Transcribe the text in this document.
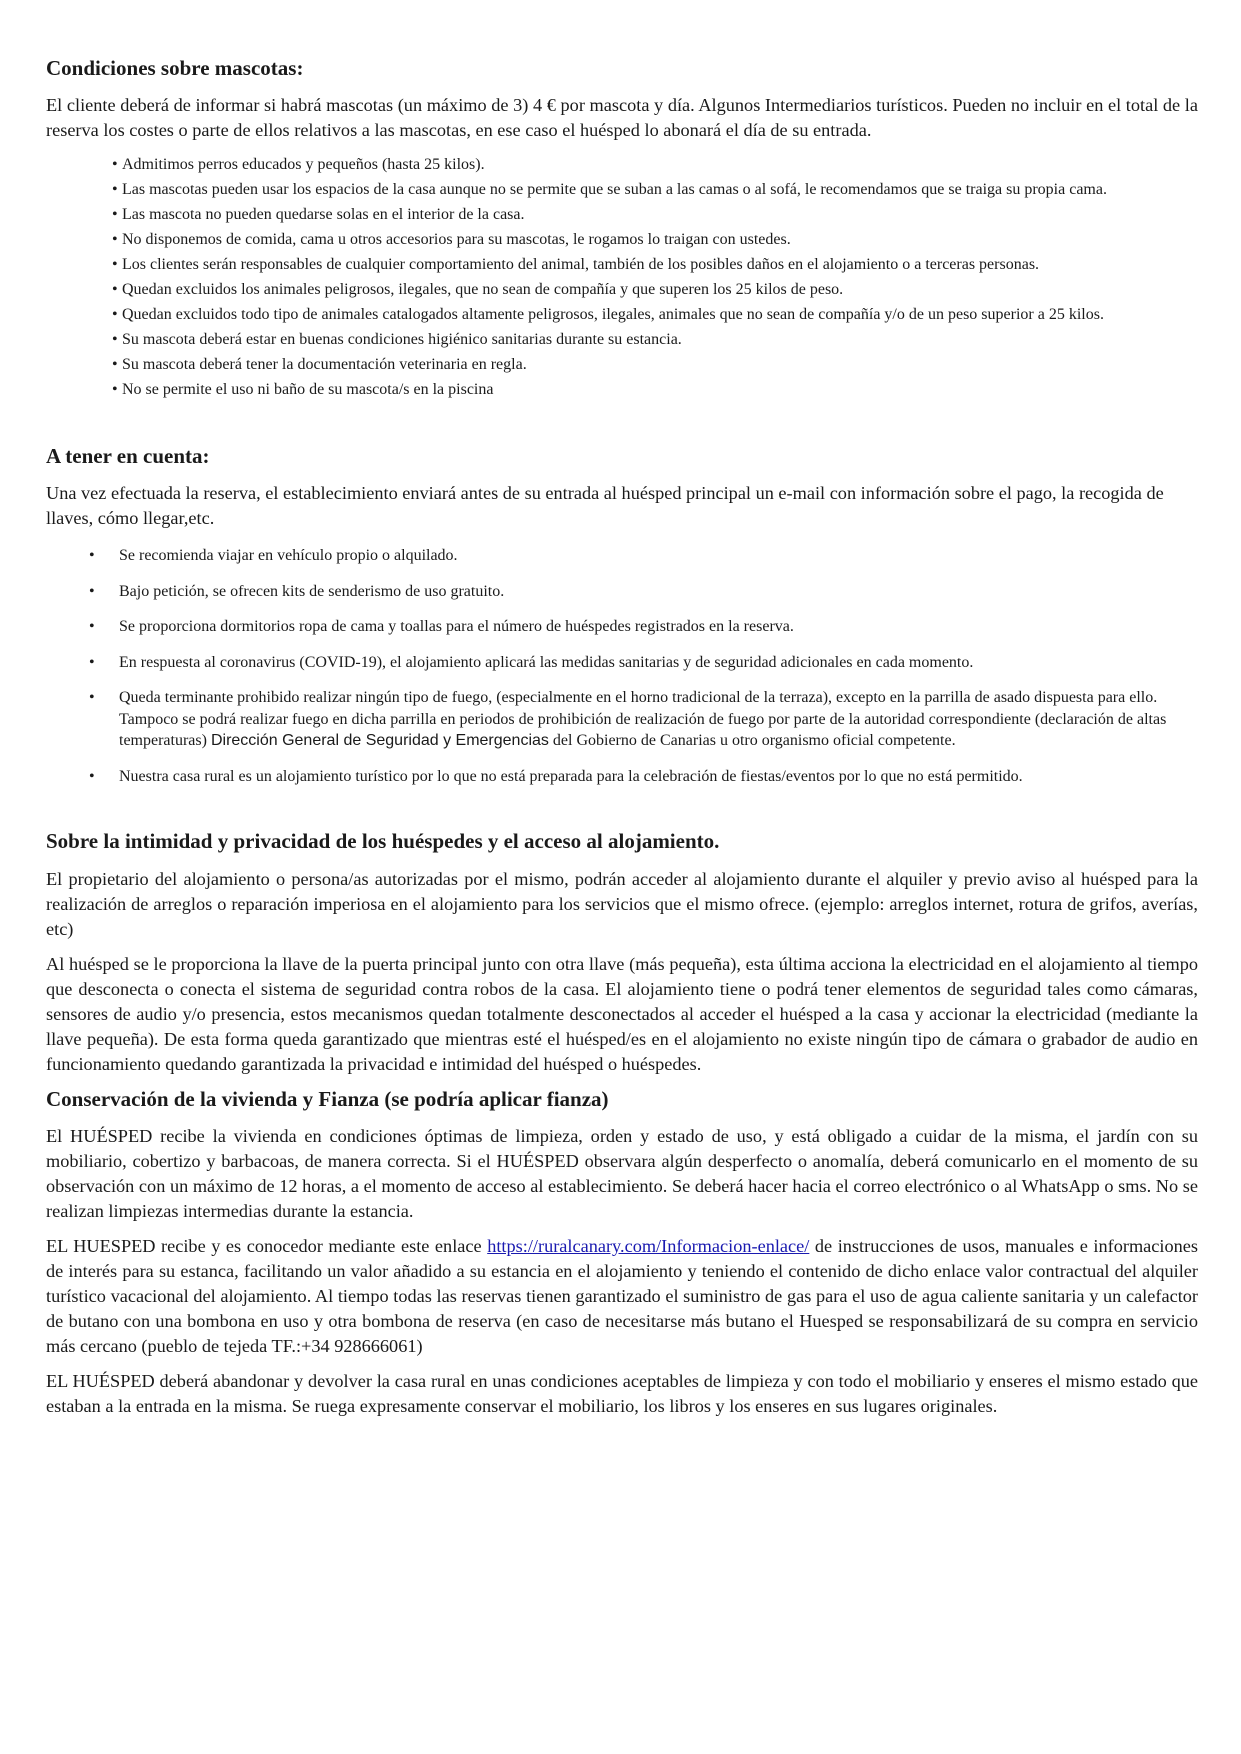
Condiciones sobre mascotas:

El cliente deberá de informar si habrá mascotas (un máximo de 3) 4 € por mascota y día. Algunos Intermediarios turísticos. Pueden no incluir en el total de la reserva los costes o parte de ellos relativos a las mascotas, en ese caso el huésped lo abonará el día de su entrada.

• Admitimos perros educados y pequeños (hasta 25 kilos).
• Las mascotas pueden usar los espacios de la casa aunque no se permite que se suban a las camas o al sofá, le recomendamos que se traiga su propia cama.
• Las mascota no pueden quedarse solas en el interior de la casa.
• No disponemos de comida, cama u otros accesorios para su mascotas, le rogamos lo traigan con ustedes.
• Los clientes serán responsables de cualquier comportamiento del animal, también de los posibles daños en el alojamiento o a terceras personas.
• Quedan excluidos los animales peligrosos, ilegales, que no sean de compañía y que superen los 25 kilos de peso.
• Quedan excluidos todo tipo de animales catalogados altamente peligrosos, ilegales, animales que no sean de compañía y/o de un peso superior a 25 kilos.
• Su mascota deberá estar en buenas condiciones higiénico sanitarias durante su estancia.
• Su mascota deberá tener la documentación veterinaria en regla.
• No se permite el uso ni baño de su mascota/s en la piscina
A tener en cuenta:

Una vez efectuada la reserva, el establecimiento enviará antes de su entrada al huésped principal un e-mail con información sobre el pago, la recogida de llaves, cómo llegar,etc.

• Se recomienda viajar en vehículo propio o alquilado.
• Bajo petición, se ofrecen kits de senderismo de uso gratuito.
• Se proporciona dormitorios ropa de cama y toallas para el número de huéspedes registrados en la reserva.
• En respuesta al coronavirus (COVID-19), el alojamiento aplicará las medidas sanitarias y de seguridad adicionales en cada momento.
• Queda terminante prohibido realizar ningún tipo de fuego, (especialmente en el horno tradicional de la terraza), excepto en la parrilla de asado dispuesta para ello. Tampoco se podrá realizar fuego en dicha parrilla en periodos de prohibición de realización de fuego por parte de la autoridad correspondiente (declaración de altas temperaturas) Dirección General de Seguridad y Emergencias del Gobierno de Canarias u otro organismo oficial competente.
• Nuestra casa rural es un alojamiento turístico por lo que no está preparada para la celebración de fiestas/eventos por lo que no está permitido.
Sobre la intimidad y privacidad de los huéspedes y el acceso al alojamiento.

El propietario del alojamiento o persona/as autorizadas por el mismo, podrán acceder al alojamiento durante el alquiler y previo aviso al huésped para la realización de arreglos o reparación imperiosa en el alojamiento para los servicios que el mismo ofrece. (ejemplo: arreglos internet, rotura de grifos, averías, etc)

Al huésped se le proporciona la llave de la puerta principal junto con otra llave (más pequeña), esta última acciona la electricidad en el alojamiento al tiempo que desconecta o conecta el sistema de seguridad contra robos de la casa. El alojamiento tiene o podrá tener elementos de seguridad tales como cámaras, sensores de audio y/o presencia, estos mecanismos quedan totalmente desconectados al acceder el huésped a la casa y accionar la electricidad (mediante la llave pequeña). De esta forma queda garantizado que mientras esté el huésped/es en el alojamiento no existe ningún tipo de cámara o grabador de audio en funcionamiento quedando garantizada la privacidad e intimidad del huésped o huéspedes.

Conservación de la vivienda y Fianza (se podría aplicar fianza)

El HUÉSPED recibe la vivienda en condiciones óptimas de limpieza, orden y estado de uso, y está obligado a cuidar de la misma, el jardín con su mobiliario, cobertizo y barbacoas, de manera correcta. Si el HUÉSPED observara algún desperfecto o anomalía, deberá comunicarlo en el momento de su observación con un máximo de 12 horas, a el momento de acceso al establecimiento. Se deberá hacer hacia el correo electrónico o al WhatsApp o sms. No se realizan limpiezas intermedias durante la estancia.

EL HUESPED recibe y es conocedor mediante este enlace https://ruralcanary.com/Informacion-enlace/ de instrucciones de usos, manuales e informaciones de interés para su estanca, facilitando un valor añadido a su estancia en el alojamiento y teniendo el contenido de dicho enlace valor contractual del alquiler turístico vacacional del alojamiento. Al tiempo todas las reservas tienen garantizado el suministro de gas para el uso de agua caliente sanitaria y un calefactor de butano con una bombona en uso y otra bombona de reserva (en caso de necesitarse más butano el Huesped se responsabilizará de su compra en servicio más cercano (pueblo de tejeda TF.:+34 928666061)

EL HUÉSPED deberá abandonar y devolver la casa rural en unas condiciones aceptables de limpieza y con todo el mobiliario y enseres el mismo estado que estaban a la entrada en la misma. Se ruega expresamente conservar el mobiliario, los libros y los enseres en sus lugares originales.
